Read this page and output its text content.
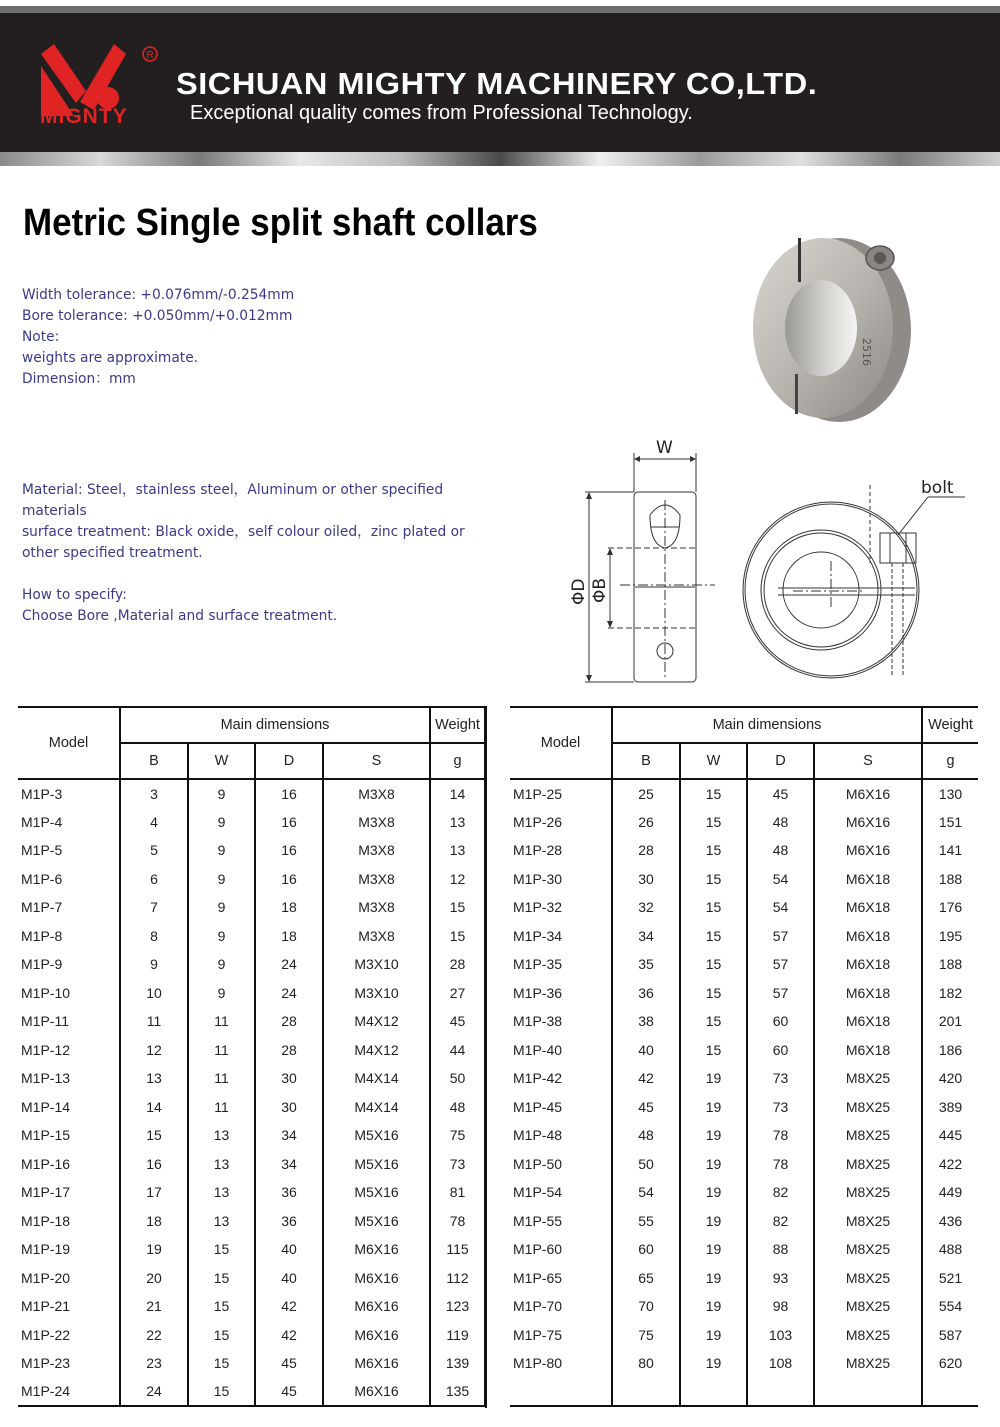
R
MIGNTY
SICHUAN MIGHTY MACHINERY CO,LTD.
Exceptional quality comes from Professional Technology.
Metric Single split shaft collars
Width tolerance: +0.076mm/-0.254mm
Bore tolerance: +0.050mm/+0.012mm
Note:
weights are approximate.
Dimension：mm
Material: Steel，stainless steel，Aluminum or other specified
materials
surface treatment: Black oxide，self colour oiled，zinc plated or
other specified treatment.
How to specify:
Choose Bore ,Material and surface treatment.
2516
W
ΦD ΦB
bolt
Model	Main dimensions				Weight
	B	W	D	S	g
M1P-3	3	9	16	M3X8	14
M1P-4	4	9	16	M3X8	13
M1P-5	5	9	16	M3X8	13
M1P-6	6	9	16	M3X8	12
M1P-7	7	9	18	M3X8	15
M1P-8	8	9	18	M3X8	15
M1P-9	9	9	24	M3X10	28
M1P-10	10	9	24	M3X10	27
M1P-11	11	11	28	M4X12	45
M1P-12	12	11	28	M4X12	44
M1P-13	13	11	30	M4X14	50
M1P-14	14	11	30	M4X14	48
M1P-15	15	13	34	M5X16	75
M1P-16	16	13	34	M5X16	73
M1P-17	17	13	36	M5X16	81
M1P-18	18	13	36	M5X16	78
M1P-19	19	15	40	M6X16	115
M1P-20	20	15	40	M6X16	112
M1P-21	21	15	42	M6X16	123
M1P-22	22	15	42	M6X16	119
M1P-23	23	15	45	M6X16	139
M1P-24	24	15	45	M6X16	135
Model	Main dimensions				Weight
	B	W	D	S	g
M1P-25	25	15	45	M6X16	130
M1P-26	26	15	48	M6X16	151
M1P-28	28	15	48	M6X16	141
M1P-30	30	15	54	M6X18	188
M1P-32	32	15	54	M6X18	176
M1P-34	34	15	57	M6X18	195
M1P-35	35	15	57	M6X18	188
M1P-36	36	15	57	M6X18	182
M1P-38	38	15	60	M6X18	201
M1P-40	40	15	60	M6X18	186
M1P-42	42	19	73	M8X25	420
M1P-45	45	19	73	M8X25	389
M1P-48	48	19	78	M8X25	445
M1P-50	50	19	78	M8X25	422
M1P-54	54	19	82	M8X25	449
M1P-55	55	19	82	M8X25	436
M1P-60	60	19	88	M8X25	488
M1P-65	65	19	93	M8X25	521
M1P-70	70	19	98	M8X25	554
M1P-75	75	19	103	M8X25	587
M1P-80	80	19	108	M8X25	620
